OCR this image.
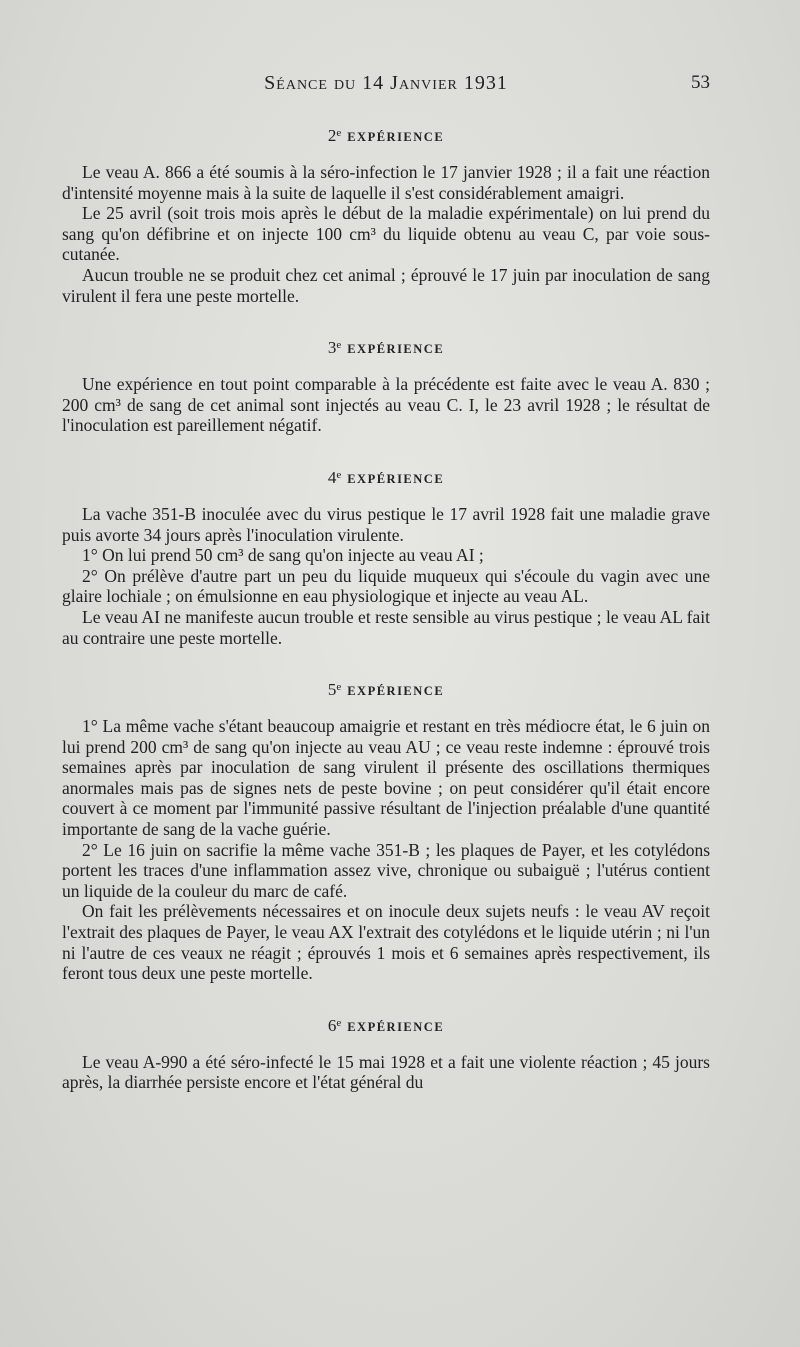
Séance du 14 Janvier 1931	53
2e EXPÉRIENCE

Le veau A. 866 a été soumis à la séro-infection le 17 janvier 1928 ; il a fait une réaction d'intensité moyenne mais à la suite de laquelle il s'est considérablement amaigri.

Le 25 avril (soit trois mois après le début de la maladie expérimentale) on lui prend du sang qu'on défibrine et on injecte 100 cm³ du liquide obtenu au veau C, par voie sous-cutanée.

Aucun trouble ne se produit chez cet animal ; éprouvé le 17 juin par inoculation de sang virulent il fera une peste mortelle.

3e EXPÉRIENCE

Une expérience en tout point comparable à la précédente est faite avec le veau A. 830 ; 200 cm³ de sang de cet animal sont injectés au veau C. I, le 23 avril 1928 ; le résultat de l'inoculation est pareillement négatif.

4e EXPÉRIENCE

La vache 351-B inoculée avec du virus pestique le 17 avril 1928 fait une maladie grave puis avorte 34 jours après l'inoculation virulente.

1° On lui prend 50 cm³ de sang qu'on injecte au veau AI ;

2° On prélève d'autre part un peu du liquide muqueux qui s'écoule du vagin avec une glaire lochiale ; on émulsionne en eau physiologique et injecte au veau AL.

Le veau AI ne manifeste aucun trouble et reste sensible au virus pestique ; le veau AL fait au contraire une peste mortelle.

5e EXPÉRIENCE

1° La même vache s'étant beaucoup amaigrie et restant en très médiocre état, le 6 juin on lui prend 200 cm³ de sang qu'on injecte au veau AU ; ce veau reste indemne : éprouvé trois semaines après par inoculation de sang virulent il présente des oscillations thermiques anormales mais pas de signes nets de peste bovine ; on peut considérer qu'il était encore couvert à ce moment par l'immunité passive résultant de l'injection préalable d'une quantité importante de sang de la vache guérie.

2° Le 16 juin on sacrifie la même vache 351-B ; les plaques de Payer, et les cotylédons portent les traces d'une inflammation assez vive, chronique ou subaiguë ; l'utérus contient un liquide de la couleur du marc de café.

On fait les prélèvements nécessaires et on inocule deux sujets neufs : le veau AV reçoit l'extrait des plaques de Payer, le veau AX l'extrait des cotylédons et le liquide utérin ; ni l'un ni l'autre de ces veaux ne réagit ; éprouvés 1 mois et 6 semaines après respectivement, ils feront tous deux une peste mortelle.

6e EXPÉRIENCE

Le veau A-990 a été séro-infecté le 15 mai 1928 et a fait une violente réaction ; 45 jours après, la diarrhée persiste encore et l'état général du
